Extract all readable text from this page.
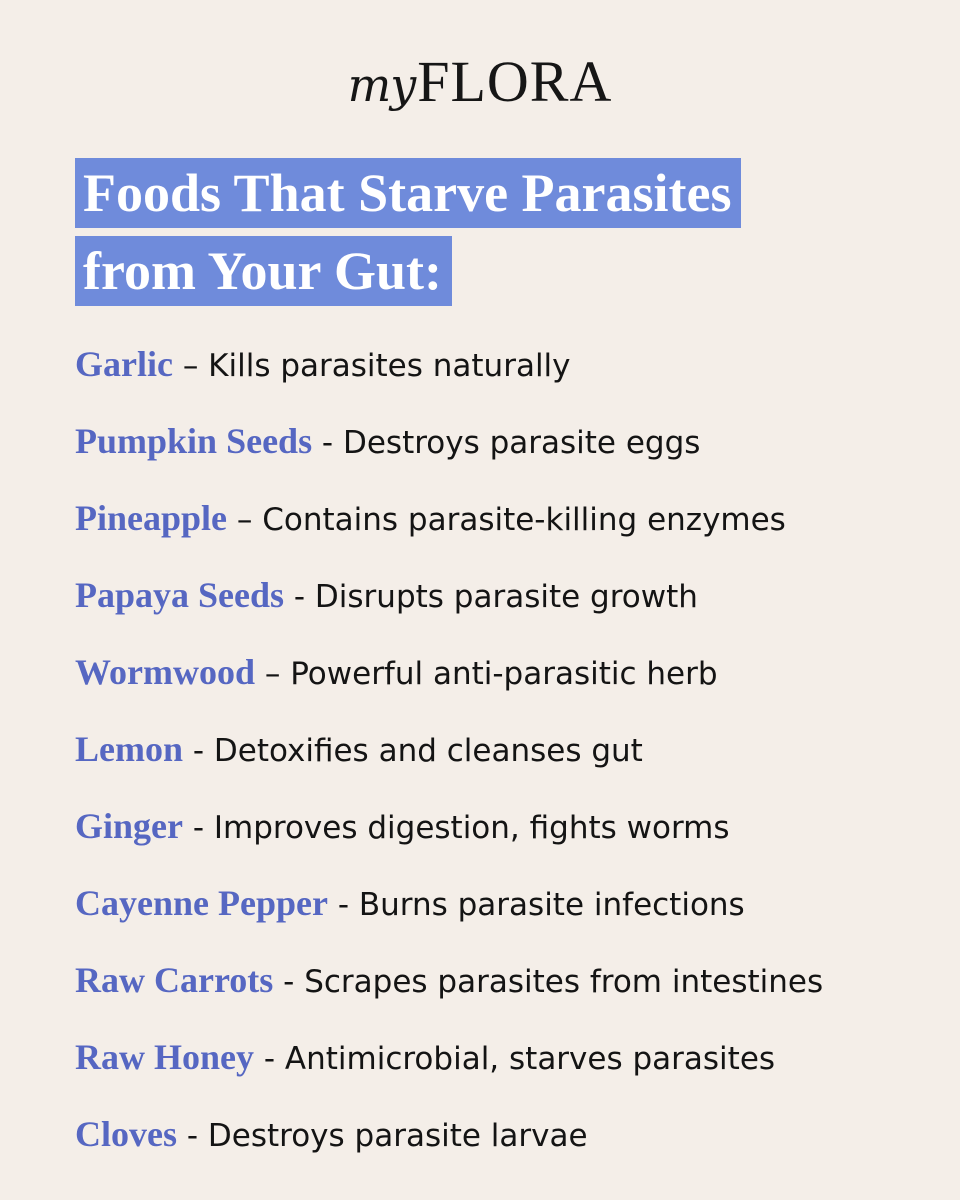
myFLORA
Foods That Starve Parasites
from Your Gut:
Garlic – Kills parasites naturally
Pumpkin Seeds - Destroys parasite eggs
Pineapple – Contains parasite-killing enzymes
Papaya Seeds - Disrupts parasite growth
Wormwood – Powerful anti-parasitic herb
Lemon - Detoxifies and cleanses gut
Ginger - Improves digestion, fights worms
Cayenne Pepper - Burns parasite infections
Raw Carrots - Scrapes parasites from intestines
Raw Honey - Antimicrobial, starves parasites
Cloves - Destroys parasite larvae
